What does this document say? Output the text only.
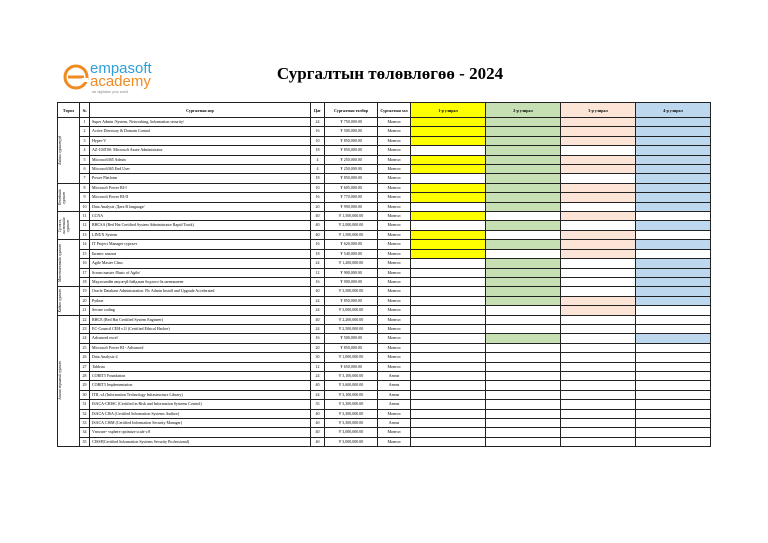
empasoft
academy
we digitalize your world
Сургалтын төлөвлөгөө - 2024
Төрөл	№	Сургалтын нэр	Цаг	Сургалтын төлбөр	Сургалтын хэл	1-р улирал	2-р улирал	3-р улирал	4-р улирал

Бэйсик сургалтууд	1	Super Admin /System, Networking, Information security/	24	₮ 750,000.00	Монгол				
	2	Active Directory & Domain Control	16	₮ 500,000.00	Монгол				
	3	Hyper-V	10	₮ 850,000.00	Монгол				
	4	AZ-104T00: Microsoft Azure Administrator	18	₮ 850,000.00	Монгол				
	5	Microsoft365 Admin	4	₮ 250,000.00	Монгол				
	6	Microsoft365 End User	4	₮ 250,000.00	Монгол				
	7	Power Platform	18	₮ 850,000.00	Монгол				

Өгөгдлийн сургалт	8	Microsoft Power BI-I	10	₮ 605,000.00	Монгол				
	9	Microsoft Power BI-II	16	₮ 770,000.00	Монгол				
	10	Data Analysis /Дата R language/	20	₮ 990,000.00	Монгол				

Сүлжээ, системийн сургалт	11	CCNA	40	₮ 1,500,000.00	Монгол				
	12	RHCSA (Red Hat Certified System Administrator Rapid Track)	40	₮ 2,000,000.00	Монгол				
	13	LINUX System	40	₮ 1,500,000.00	Монгол				

Менежментийн сургалт	14	IT Project Manager сургалт	16	₮ 620,000.00	Монгол				
	15	Бизнес анализ	18	₮ 540,000.00	Монгол				
	16	Agile Master Class	24	₮ 1,200,000.00	Монгол				
	17	Scrum master /Basic of Agile/	12	₮ 900,000.00	Монгол				
	18	Мэдээллийн аюулгүй байдлын бодлого ба менежмент	16	₮ 900,000.00	Монгол				

Кодит сургалт	19	Oracle Database Administration 19c Admin Install and Upgrade Accelerated	40	₮ 3,500,000.00	Монгол				
	20	Python	24	₮ 850,000.00	Монгол				
	21	Secure coding	24	₮ 3,000,000.00	Монгол				

Ахисан түвшний сургалт	22	RHCE (Red Hat Certified System Engineer)	40	₮ 2,200,000.00	Монгол				
	23	EC-Council CEH v11 (Certified Ethical Hacker)	24	₮ 2,500,000.00	Монгол				
	24	Advanced excel	16	₮ 500,000.00	Монгол				
	25	Microsoft Power BI - Advanced	20	₮ 850,000.00	Монгол				
	26	Data Analysis-2	30	₮ 1,000,000.00	Монгол				
	27	Tableau	12	₮ 650,000.00	Монгол				
	28	COBIT5 Foundation	24	₮ 3,100,000.00	Англи				
	29	COBIT5 Implementation	40	₮ 3,600,000.00	Англи				
	30	ITIL v4 (Information Technology Infrastructure Library)	24	₮ 3,100,000.00	Англи				
	31	ISACA-CRISC (Certified in Risk and Information Systems Control)	35	₮ 3,300,000.00	Англи				
	32	ISACA CISA (Certified Information Systems Auditor)	40	₮ 3,300,000.00	Монгол				
	33	ISACA CISM (Certified Information Security Manager)	40	₮ 3,300,000.00	Англи				
	34	Vmware- vsphere optimize scale v.8	40	₮ 3,000,000.00	Монгол				
	35	CISSP(Certified Information Systems Security Professional)	40	₮ 3,000,000.00	Монгол				
